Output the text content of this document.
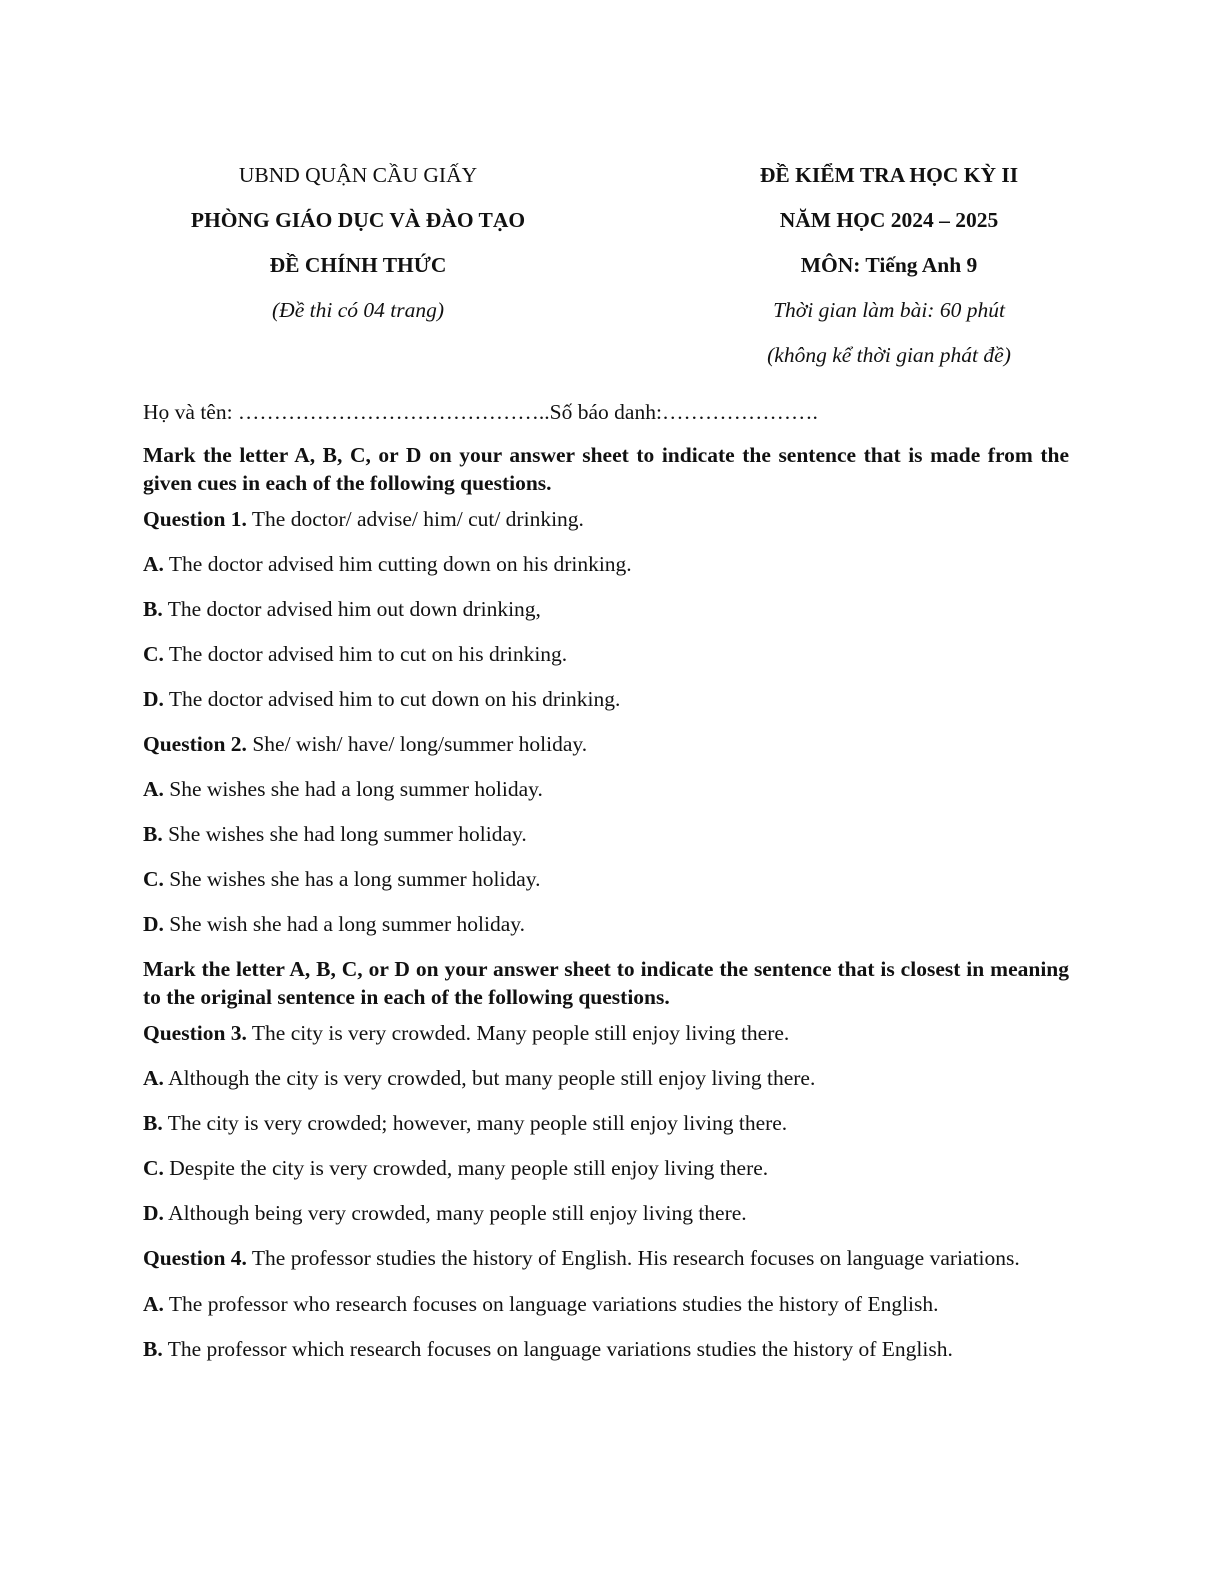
UBND QUẬN CẦU GIẤY
PHÒNG GIÁO DỤC VÀ ĐÀO TẠO
ĐỀ CHÍNH THỨC
(Đề thi có 04 trang)
ĐỀ KIỂM TRA HỌC KỲ II
NĂM HỌC 2024 – 2025
MÔN: Tiếng Anh 9
Thời gian làm bài: 60 phút
(không kể thời gian phát đề)
Họ và tên: ……………………………………..Số báo danh:………………….
Mark the letter A, B, C, or D on your answer sheet to indicate the sentence that is made from the given cues in each of the following questions.
Question 1. The doctor/ advise/ him/ cut/ drinking.
A. The doctor advised him cutting down on his drinking.
B. The doctor advised him out down drinking,
C. The doctor advised him to cut on his drinking.
D. The doctor advised him to cut down on his drinking.
Question 2. She/ wish/ have/ long/summer holiday.
A. She wishes she had a long summer holiday.
B. She wishes she had long summer holiday.
C. She wishes she has a long summer holiday.
D. She wish she had a long summer holiday.
Mark the letter A, B, C, or D on your answer sheet to indicate the sentence that is closest in meaning to the original sentence in each of the following questions.
Question 3. The city is very crowded. Many people still enjoy living there.
A. Although the city is very crowded, but many people still enjoy living there.
B. The city is very crowded; however, many people still enjoy living there.
C. Despite the city is very crowded, many people still enjoy living there.
D. Although being very crowded, many people still enjoy living there.
Question 4. The professor studies the history of English. His research focuses on language variations.
A. The professor who research focuses on language variations studies the history of English.
B. The professor which research focuses on language variations studies the history of English.
